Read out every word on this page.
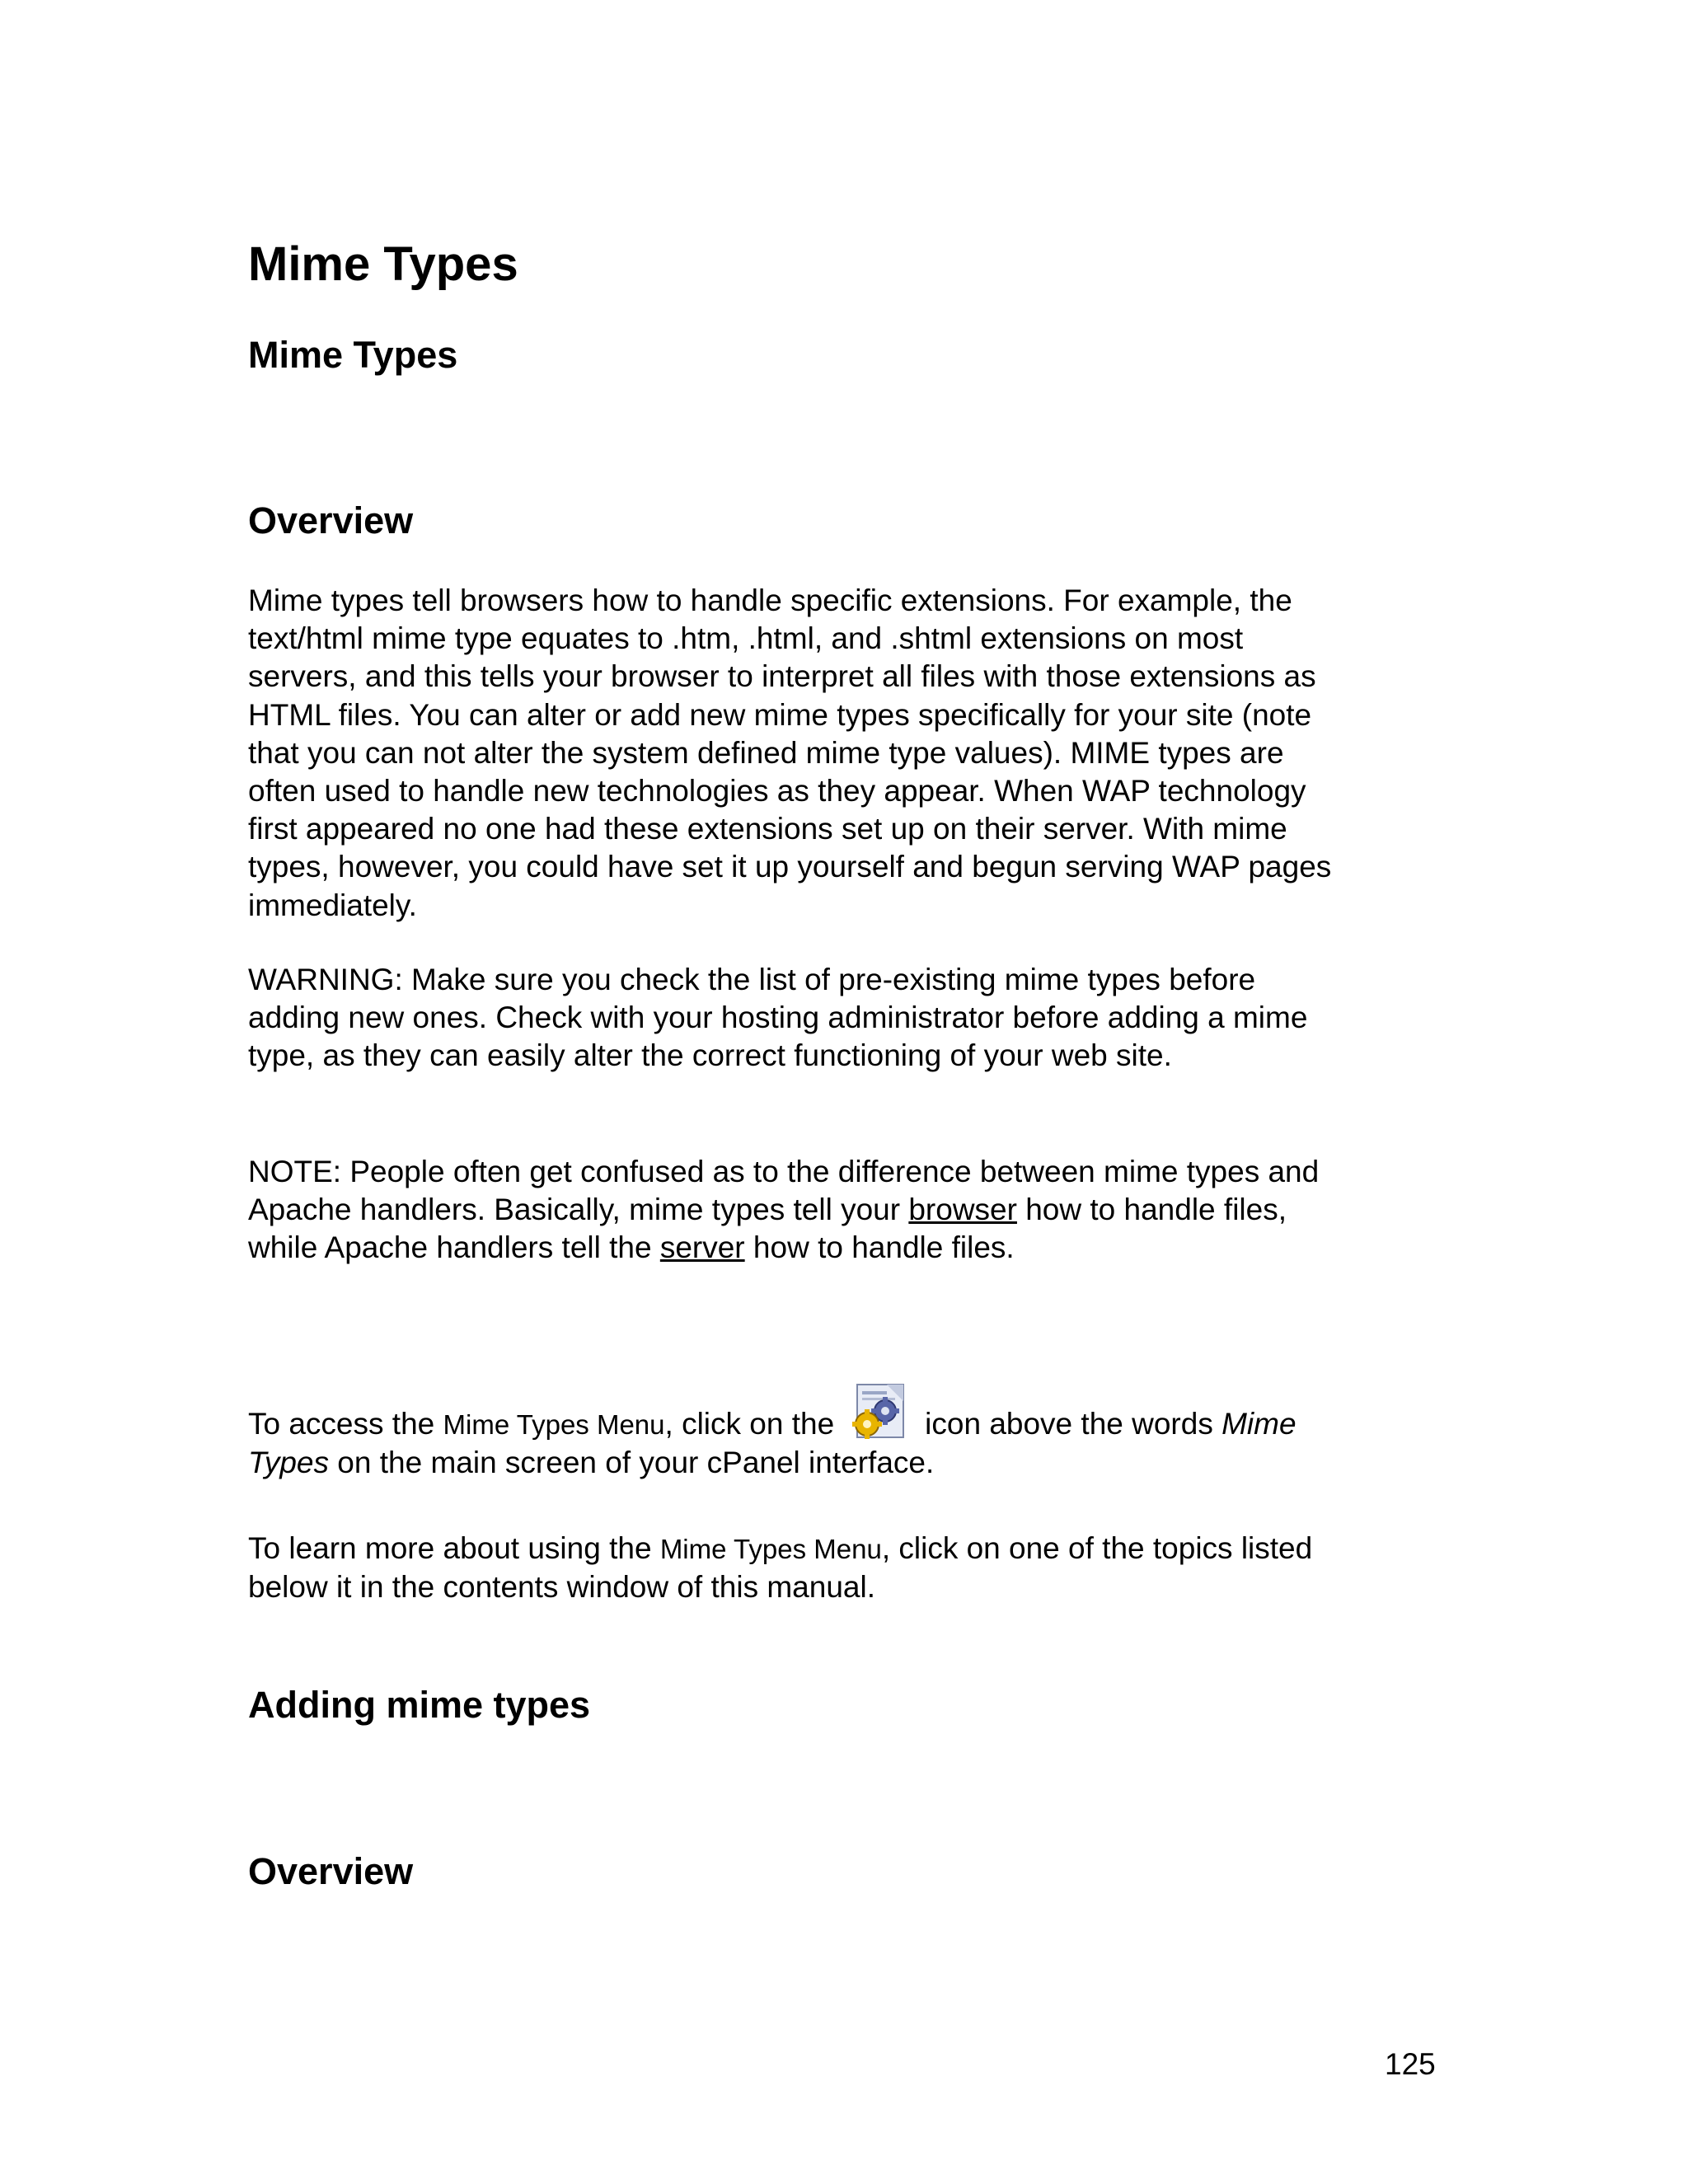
Mime Types
Mime Types
Overview

Mime types tell browsers how to handle specific extensions. For example, the
text/html mime type equates to .htm, .html, and .shtml extensions on most
servers, and this tells your browser to interpret all files with those extensions as
HTML files. You can alter or add new mime types specifically for your site (note
that you can not alter the system defined mime type values). MIME types are
often used to handle new technologies as they appear. When WAP technology
first appeared no one had these extensions set up on their server. With mime
types, however, you could have set it up yourself and begun serving WAP pages
immediately.

WARNING: Make sure you check the list of pre-existing mime types before
adding new ones. Check with your hosting administrator before adding a mime
type, as they can easily alter the correct functioning of your web site.

NOTE: People often get confused as to the difference between mime types and
Apache handlers. Basically, mime types tell your browser how to handle files,
while Apache handlers tell the server how to handle files.

To access the Mime Types Menu, click on the	icon above the words Mime
Types on the main screen of your cPanel interface.

To learn more about using the Mime Types Menu, click on one of the topics listed
below it in the contents window of this manual.

Adding mime types
Overview
125
